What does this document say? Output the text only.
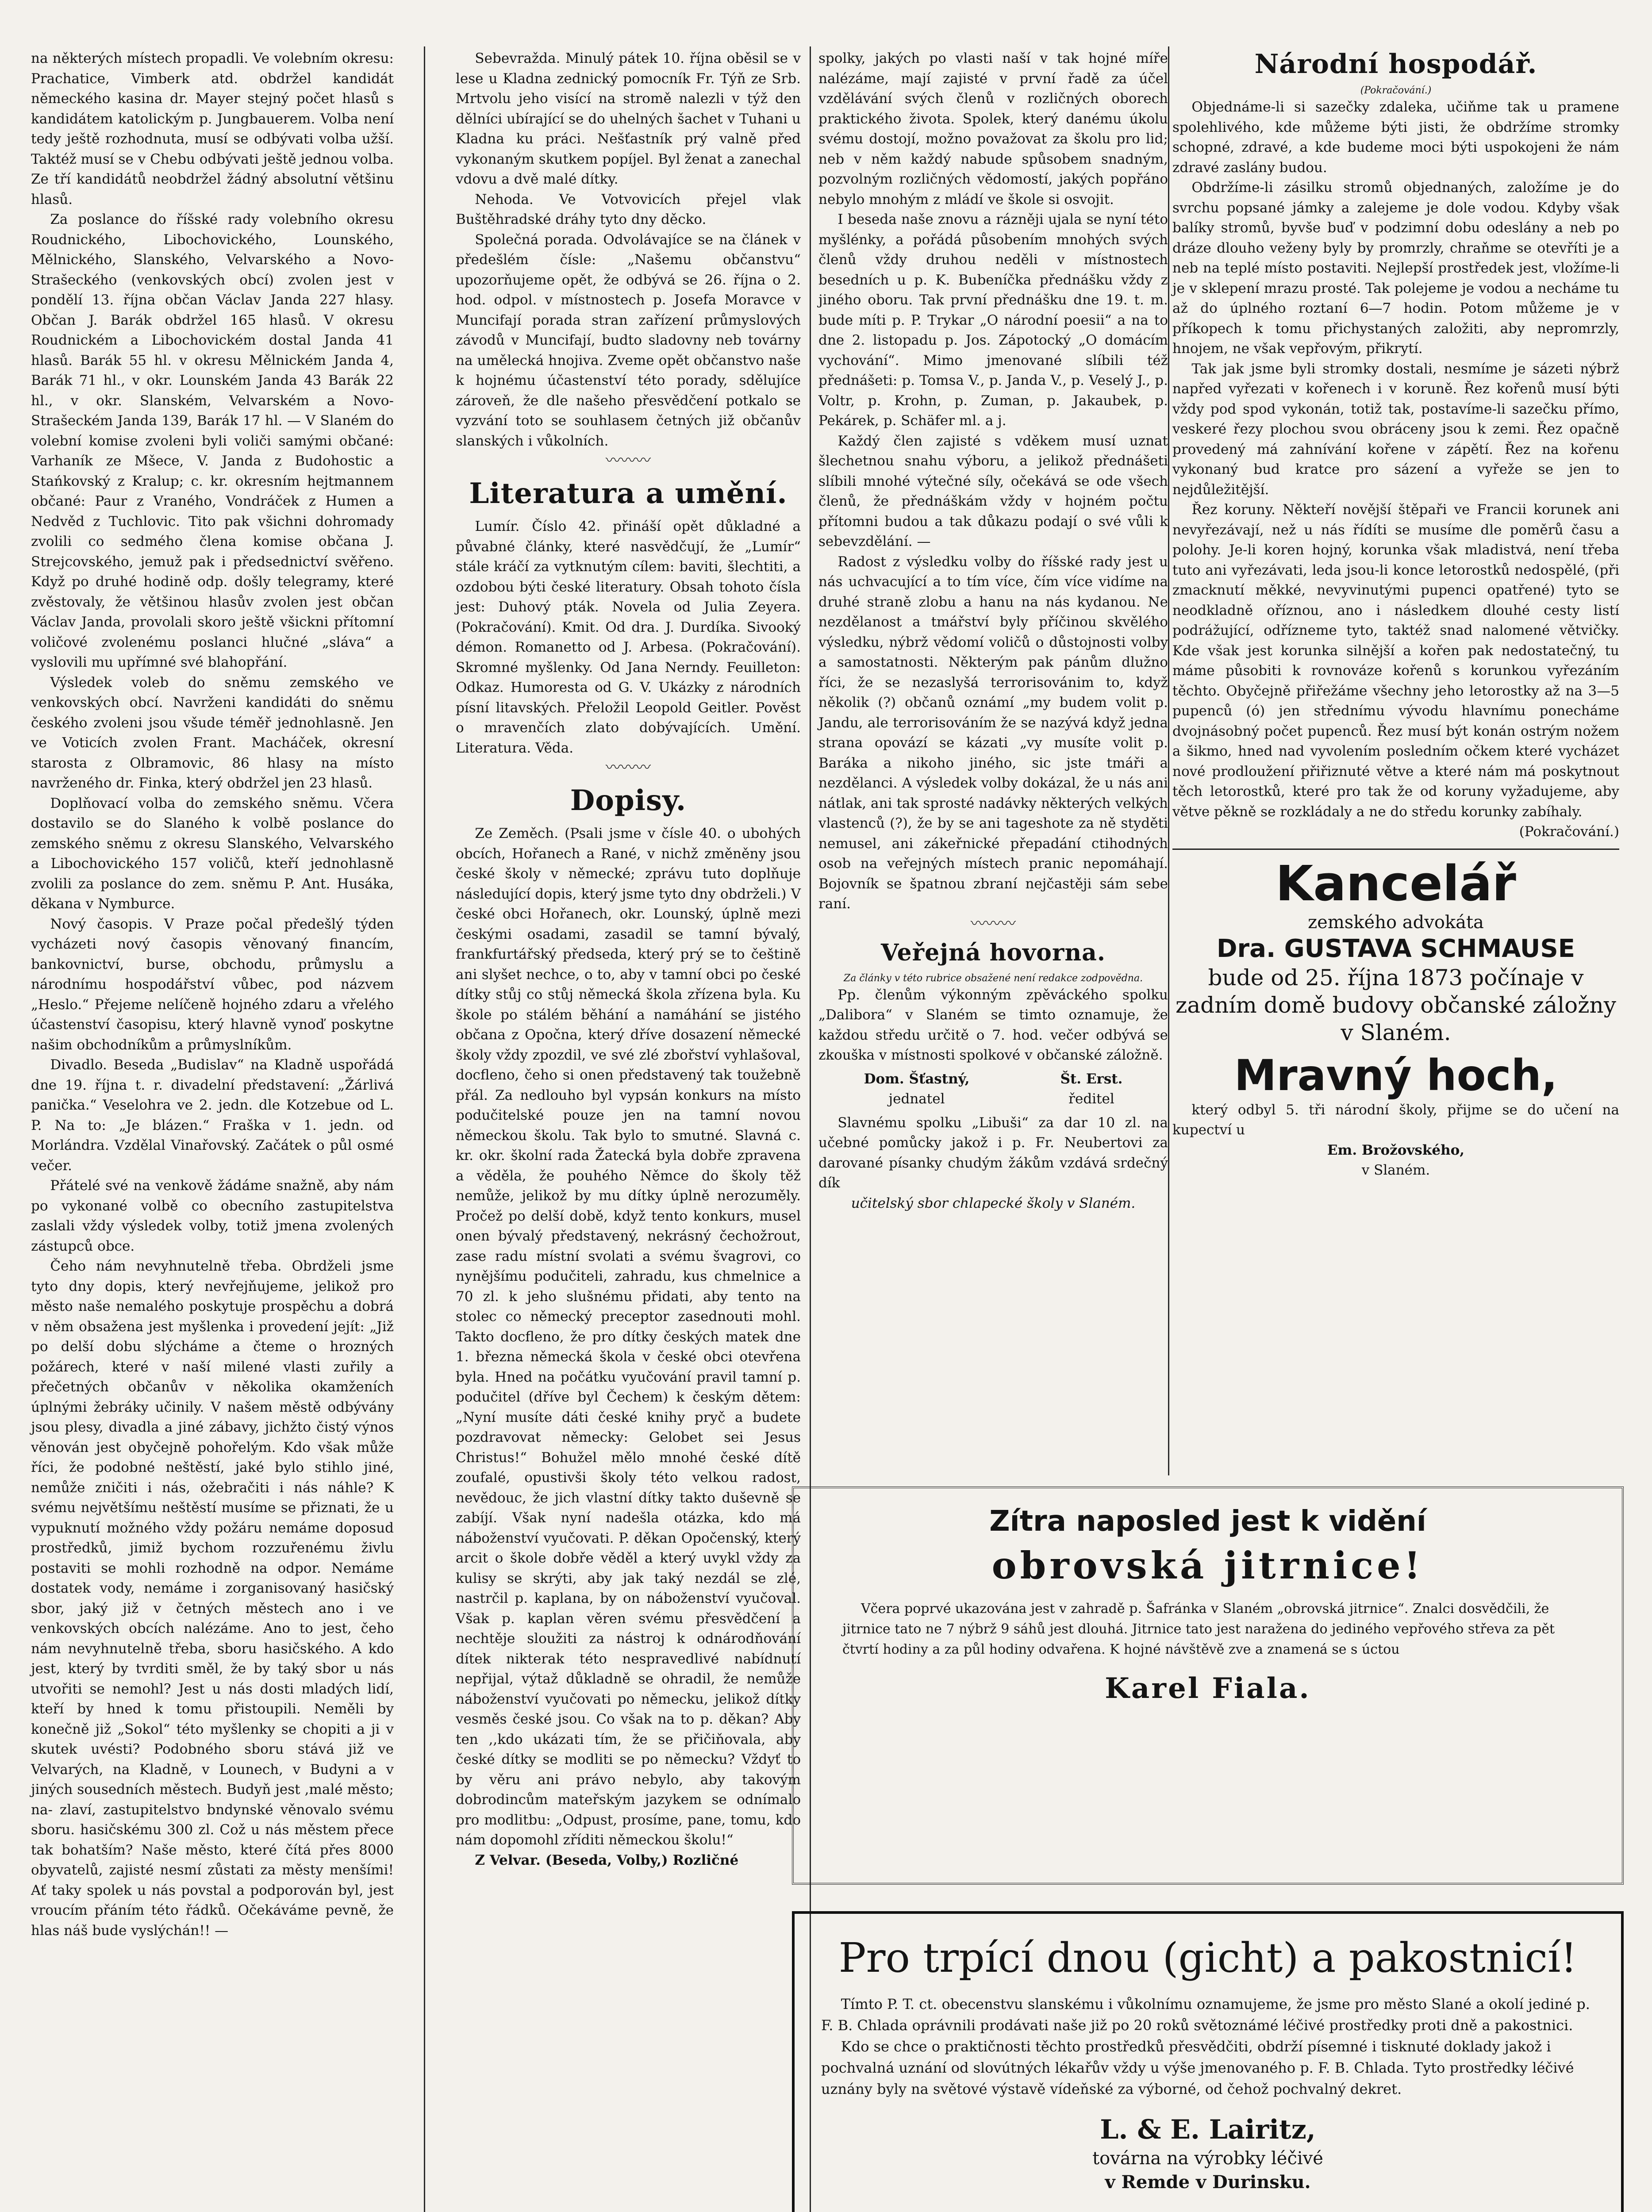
na některých místech propadli. Ve volebním okresu: Prachatice, Vimberk atd. obdržel kandidát německého kasina dr. Mayer stejný počet hlasů s kandidátem katolickým p. Jungbauerem. Volba není tedy ještě rozhodnuta, musí se odbývati volba užší. Taktéž musí se v Chebu odbývati ještě jednou volba. Ze tří kandidátů neobdržel žádný absolutní většinu hlasů.

Za poslance do říšské rady volebního okresu Roudnického, Libochovického, Lounského, Mělnického, Slanského, Velvarského a Novo-Strašeckého (venkovských obcí) zvolen jest v pondělí 13. října občan Václav Janda 227 hlasy. Občan J. Barák obdržel 165 hlasů. V okresu Roudnickém a Libochovickém dostal Janda 41 hlasů. Barák 55 hl. v okresu Mělnickém Janda 4, Barák 71 hl., v okr. Lounském Janda 43 Barák 22 hl., v okr. Slanském, Velvarském a Novo-Strašeckém Janda 139, Barák 17 hl. — V Slaném do volební komise zvoleni byli voliči samými občané: Varhaník ze Mšece, V. Janda z Budohostic a Stańkovský z Kralup; c. kr. okresním hejtmannem občané: Paur z Vraného, Vondráček z Humen a Nedvěd z Tuchlovic. Tito pak všichni dohromady zvolili co sedmého člena komise občana J. Strejcovského, jemuž pak i předsednictví svěřeno. Když po druhé hodině odp. došly telegramy, které zvěstovaly, že většinou hlasův zvolen jest občan Václav Janda, provolali skoro ještě všickni přítomní voličové zvolenému poslanci hlučné „sláva“ a vyslovili mu upřímné své blahopřání.

Výsledek voleb do sněmu zemského ve venkovských obcí. Navrženi kandidáti do sněmu českého zvoleni jsou všude téměř jednohlasně. Jen ve Voticích zvolen Frant. Macháček, okresní starosta z Olbramovic, 86 hlasy na místo navrženého dr. Finka, který obdržel jen 23 hlasů.

Doplňovací volba do zemského sněmu. Včera dostavilo se do Slaného k volbě poslance do zemského sněmu z okresu Slanského, Velvarského a Libochovického 157 voličů, kteří jednohlasně zvolili za poslance do zem. sněmu P. Ant. Husáka, děkana v Nymburce.

Nový časopis. V Praze počal předešlý týden vycházeti nový časopis věnovaný financím, bankovnictví, burse, obchodu, průmyslu a národnímu hospodářství vůbec, pod názvem „Heslo.“ Přejeme nelíčeně hojného zdaru a vřelého účastenství časopisu, který hlavně vynoď poskytne našim obchodníkům a průmyslníkům.

Divadlo. Beseda „Budislav“ na Kladně uspořádá dne 19. října t. r. divadelní představení: „Žárlivá panička.“ Veselohra ve 2. jedn. dle Kotzebue od L. P. Na to: „Je blázen.“ Fraška v 1. jedn. od Morlándra. Vzdělal Vinařovský. Začátek o půl osmé večer.

Přátelé své na venkově žádáme snažně, aby nám po vykonané volbě co obecního zastupitelstva zaslali vždy výsledek volby, totiž jmena zvolených zástupců obce.

Čeho nám nevyhnutelně třeba. Obrdželi jsme tyto dny dopis, který nevřejňujeme, jelikož pro město naše nemalého poskytuje prospěchu a dobrá v něm obsažena jest myšlenka i provedení jejít: „Již po delší dobu slýcháme a čteme o hrozných požárech, které v naší milené vlasti zuřily a přečetných občanův v několika okamženích úplnými žebráky učinily. V našem městě odbývány jsou plesy, divadla a jiné zábavy, jichžto čistý výnos věnován jest obyčejně pohořelým. Kdo však může říci, že podobné neštěstí, jaké bylo stihlo jiné, nemůže zničiti i nás, ožebračiti i nás náhle? K svému největšímu neštěstí musíme se přiznati, že u vypuknutí možného vždy požáru nemáme doposud prostředků, jimiž bychom rozzuřenému živlu postaviti se mohli rozhodně na odpor. Nemáme dostatek vody, nemáme i zorganisovaný hasičský sbor, jaký již v četných městech ano i ve venkovských obcích nalézáme. Ano to jest, čeho nám nevyhnutelně třeba, sboru hasičského. A kdo jest, který by tvrditi směl, že by taký sbor u nás utvořiti se nemohl? Jest u nás dosti mladých lidí, kteří by hned k tomu přistoupili. Neměli by konečně již „Sokol“ této myšlenky se chopiti a ji v skutek uvésti? Podobného sboru stává již ve Velvarých, na Kladně, v Lounech, v Budyni a v jiných sousedních městech. Budyň jest ,malé město; na- zlaví, zastupitelstvo bndynské věnovalo svému sboru. hasičskému 300 zl. Což u nás městem přece tak bohatším? Naše město, které čítá přes 8000 obyvatelů, zajisté nesmí zůstati za městy menšími! Ať taky spolek u nás povstal a podporován byl, jest vroucím přáním této řádků. Očekáváme pevně, že hlas náš bude vyslýchán!! —

Sebevražda. Minulý pátek 10. října oběsil se v lese u Kladna zednický pomocník Fr. Týň ze Srb. Mrtvolu jeho visící na stromě nalezli v týž den dělníci ubírající se do uhelných šachet v Tuhani u Kladna ku práci. Nešťastník prý valně před vykonaným skutkem popíjel. Byl ženat a zanechal vdovu a dvě malé dítky.

Nehoda. Ve Votvovicích přejel vlak Buštěhradské dráhy tyto dny děcko.

Společná porada. Odvolávajíce se na článek v předešlém čísle: „Našemu občanstvu“ upozorňujeme opět, že odbývá se 26. října o 2. hod. odpol. v místnostech p. Josefa Moravce v Muncifají porada stran zařízení průmyslových závodů v Muncifají, budto sladovny neb továrny na umělecká hnojiva. Zveme opět občanstvo naše k hojnému účastenství této porady, sdělujíce zároveň, že dle našeho přesvědčení potkalo se vyzvání toto se souhlasem četných již občanův slanských i vůkolních.

〰〰〰
Literatura a umění.

Lumír. Číslo 42. přináší opět důkladné a půvabné články, které nasvědčují, že „Lumír“ stále kráčí za vytknutým cílem: baviti, šlechtiti, a ozdobou býti české literatury. Obsah tohoto čísla jest: Duhový pták. Novela od Julia Zeyera. (Pokračování). Kmit. Od dra. J. Durdíka. Sivooký démon. Romanetto od J. Arbesa. (Pokračování). Skromné myšlenky. Od Jana Nerndy. Feuilleton: Odkaz. Humoresta od G. V. Ukázky z národních písní litavských. Přeložil Leopold Geitler. Pověst o mravenčích zlato dobývajících. Umění. Literatura. Věda.

〰〰〰
Dopisy.

Ze Zeměch. (Psali jsme v čísle 40. o ubohých obcích, Hořanech a Rané, v nichž změněny jsou české školy v německé; zprávu tuto doplňuje následující dopis, který jsme tyto dny obdrželi.) V české obci Hořanech, okr. Lounský, úplně mezi českými osadami, zasadil se tamní bývalý, frankfurtářský předseda, který prý se to češtině ani slyšet nechce, o to, aby v tamní obci po české dítky stůj co stůj německá škola zřízena byla. Ku škole po stálém běhání a namáhání se jistého občana z Opočna, který dříve dosazení německé školy vždy zpozdil, ve své zlé zbořství vyhlašoval, docfleno, čeho si onen představený tak toužebně přál. Za nedlouho byl vypsán konkurs na místo podučitelské pouze jen na tamní novou německou školu. Tak bylo to smutné. Slavná c. kr. okr. školní rada Žatecká byla dobře zpravena a věděla, že pouhého Němce do školy těž nemůže, jelikož by mu dítky úplně nerozuměly. Pročež po delší době, když tento konkurs, musel onen bývalý představený, nekrásný čechožrout, zase radu místní svolati a svému švagrovi, co nynějšímu podučiteli, zahradu, kus chmelnice a 70 zl. k jeho slušnému přidati, aby tento na stolec co německý preceptor zasednouti mohl. Takto docfleno, že pro dítky českých matek dne 1. března německá škola v české obci otevřena byla. Hned na počátku vyučování pravil tamní p. podučitel (dříve byl Čechem) k českým dětem: „Nyní musíte dáti české knihy pryč a budete pozdravovat německy: Gelobet sei Jesus Christus!“ Bohužel mělo mnohé české dítě zoufalé, opustivši školy této velkou radost, nevědouc, že jich vlastní dítky takto duševně se zabíjí. Však nyní nadešla otázka, kdo má náboženství vyučovati. P. děkan Opočenský, který arcit o škole dobře věděl a který uvykl vždy za kulisy se skrýti, aby jak taký nezdál se zlé, nastrčil p. kaplana, by on náboženství vyučoval. Však p. kaplan věren svému přesvědčení a nechtěje sloužiti za nástroj k odnárodňování dítek nikterak této nespravedlivé nabídnutí nepřijal, výtaž důkladně se ohradil, že nemůže náboženství vyučovati po německu, jelikož dítky vesměs české jsou. Co však na to p. děkan? Aby ten ,,kdo ukázati tím, že se přičiňovala, aby české dítky se modliti se po německu? Vždyť to by věru ani právo nebylo, aby takovým dobrodincům mateřským jazykem se odnímalo pro modlitbu: „Odpust, prosíme, pane, tomu, kdo nám dopomohl zříditi německou školu!“

Z Velvar. (Beseda, Volby,) Rozličné

spolky, jakých po vlasti naší v tak hojné míře nalézáme, mají zajisté v první řadě za účel vzdělávání svých členů v rozličných oborech praktického života. Spolek, který danému úkolu svému dostojí, možno považovat za školu pro lid; neb v něm každý nabude spůsobem snadným, pozvolným rozličných vědomostí, jakých popřáno nebylo mnohým z mládí ve škole si osvojit.

I beseda naše znovu a rázněji ujala se nyní této myšlénky, a pořádá působením mnohých svých členů vždy druhou neděli v místnostech besedních u p. K. Bubeníčka přednášku vždy z jiného oboru. Tak první přednášku dne 19. t. m. bude míti p. P. Trykar „O národní poesii“ a na to dne 2. listopadu p. Jos. Zápotocký „O domácím vychování“. Mimo jmenované slíbili též přednášeti: p. Tomsa V., p. Janda V., p. Veselý J., p. Voltr, p. Krohn, p. Zuman, p. Jakaubek, p. Pekárek, p. Schäfer ml. a j.

Každý člen zajisté s vděkem musí uznat šlechetnou snahu výboru, a jelikož přednášeti slíbili mnohé výtečné síly, očekává se ode všech členů, že přednáškám vždy v hojném počtu přítomni budou a tak důkazu podají o své vůli k sebevzdělání. —

Radost z výsledku volby do říšské rady jest u nás uchvacující a to tím více, čím více vidíme na druhé straně zlobu a hanu na nás kydanou. Ne nezdělanost a tmářství byly příčinou skvělého výsledku, nýbrž vědomí voličů o důstojnosti volby a samostatnosti. Některým pak pánům dlužno říci, že se nezaslyšá terrorisovánim to, když několik (?) občanů oznámí „my budem volit p. Jandu, ale terrorisováním že se nazývá když jedna strana opovází se kázati „vy musíte volit p. Baráka a nikoho jiného, sic jste tmáři a nezdělanci. A výsledek volby dokázal, že u nás ani nátlak, ani tak sprosté nadávky některých velkých vlastenců (?), že by se ani tageshote za ně styděti nemusel, ani zákeřnické přepadání ctihodných osob na veřejných místech pranic nepomáhají. Bojovník se špatnou zbraní nejčastěji sám sebe raní.

〰〰〰
Veřejná hovorna.
Za články v této rubrice obsažené není redakce zodpovědna.

Pp. členům výkonným zpěváckého spolku „Dalibora“ v Slaném se timto oznamuje, že každou středu určitě o 7. hod. večer odbývá se zkouška v místnosti spolkové v občanské záložně.

Dom. Šťastný,
jednatel
Št. Erst.
ředitel

Slavnému spolku „Libuši“ za dar 10 zl. na učebné pomůcky jakož i p. Fr. Neubertovi za darované písanky chudým žákům vzdává srdečný dík

učitelský sbor chlapecké školy v Slaném.

Národní hospodář.
(Pokračování.)

Objednáme-li si sazečky zdaleka, učiňme tak u pramene spolehlivého, kde můžeme býti jisti, že obdržíme stromky schopné, zdravé, a kde budeme moci býti uspokojeni že nám zdravé zaslány budou.

Obdržíme-li zásilku stromů objednaných, založíme je do svrchu popsané jámky a zalejeme je dole vodou. Kdyby však balíky stromů, byvše buď v podzimní dobu odeslány a neb po dráze dlouho veženy byly by promrzly, chraňme se otevříti je a neb na teplé místo postaviti. Nejlepší prostředek jest, vložíme-li je v sklepení mrazu prosté. Tak polejeme je vodou a necháme tu až do úplného roztaní 6—7 hodin. Potom můžeme je v příkopech k tomu přichystaných založiti, aby nepromrzly, hnojem, ne však vepřovým, přikrytí.

Tak jak jsme byli stromky dostali, nesmíme je sázeti nýbrž napřed vyřezati v kořenech i v koruně. Řez kořenů musí býti vždy pod spod vykonán, totiž tak, postavíme-li sazečku přímo, veskeré řezy plochou svou obráceny jsou k zemi. Řez opačně provedený má zahnívání kořene v zápětí. Řez na kořenu vykonaný bud kratce pro sázení a vyřeže se jen to nejdůležitější.

Řez koruny. Někteří novější štěpaři ve Francii korunek ani nevyřezávají, než u nás řídíti se musíme dle poměrů času a polohy. Je-li koren hojný, korunka však mladistvá, není třeba tuto ani vyřezávati, leda jsou-li konce letorostků nedospělé, (při zmacknutí měkké, nevyvinutými pupenci opatřené) tyto se neodkladně oříznou, ano i následkem dlouhé cesty listí podrážující, odřízneme tyto, taktéž snad nalomené větvičky. Kde však jest korunka silnější a kořen pak nedostatečný, tu máme působiti k rovnováze kořenů s korunkou vyřezáním těchto. Obyčejně přiřežáme všechny jeho letorostky až na 3—5 pupenců (ó) jen střednímu vývodu hlavnímu ponecháme dvojnásobný počet pupenců. Řez musí být konán ostrým nožem a šikmo, hned nad vyvolením posledním očkem které vycházet nové prodloužení přiřiznuté větve a které nám má poskytnout těch letorostků, které pro tak že od koruny vyžadujeme, aby větve pěkně se rozkládaly a ne do středu korunky zabíhaly.

(Pokračování.)

Kancelář
zemského advokáta
Dra. GUSTAVA SCHMAUSE
bude od 25. října 1873 počínaje v zadním domě budovy občanské záložny v Slaném.
Mravný hoch,

který odbyl 5. tři národní školy, přijme se do učení na kupectví u

Em. Brožovského,
v Slaném.
Zítra naposled jest k vidění
obrovská jitrnice!

Včera poprvé ukazována jest v zahradě p. Šafránka v Slaném „obrovská jitrnice“. Znalci dosvědčili, že jitrnice tato ne 7 nýbrž 9 sáhů jest dlouhá. Jitrnice tato jest naražena do jediného vepřového střeva za pět čtvrtí hodiny a za půl hodiny odvařena. K hojné návštěvě zve a znamená se s úctou

Karel Fiala.
Pro trpící dnou (gicht) a pakostnicí!

Tímto P. T. ct. obecenstvu slanskému i vůkolnímu oznamujeme, že jsme pro město Slané a okolí jediné p. F. B. Chlada oprávnili prodávati naše již po 20 roků světoznámé léčivé prostředky proti dně a pakostnici.

Kdo se chce o praktičnosti těchto prostředků přesvědčiti, obdrží písemné i tisknuté doklady jakož i pochvalná uznání od slovútných lékařův vždy u výše jmenovaného p. F. B. Chlada. Tyto prostředky léčivé uznány byly na světové výstavě vídeňské za výborné, od čehož pochvalný dekret.

L. & E. Lairitz,
továrna na výrobky léčivé
v Remde v Durinsku.
